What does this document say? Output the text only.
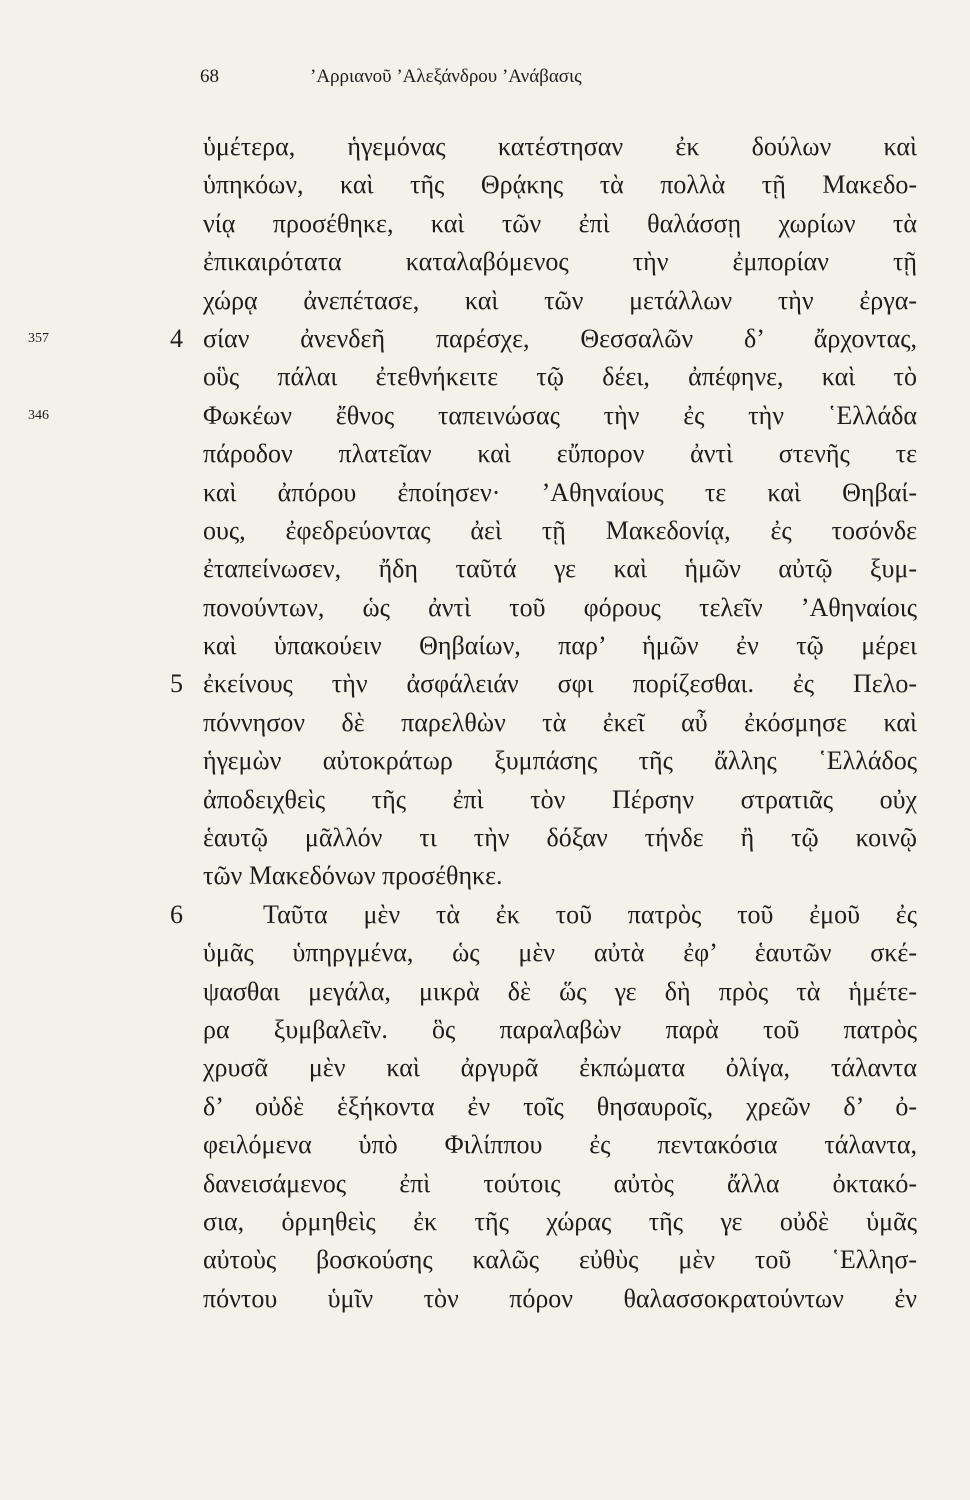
68	’Αρριανοῦ ’Αλεξάνδρου ’Ανάβασις
ὑμέτερα, ἡγεμόνας κατέστησαν ἐκ δούλων καὶ
ὑπηκόων, καὶ τῆς Θρᾴκης τὰ πολλὰ τῇ Μακεδο-
νίᾳ προσέθηκε, καὶ τῶν ἐπὶ θαλάσσῃ χωρίων τὰ
ἐπικαιρότατα καταλαβόμενος τὴν ἐμπορίαν τῇ
χώρᾳ ἀνεπέτασε, καὶ τῶν μετάλλων τὴν ἐργα-
357	4 σίαν ἀνενδεῆ παρέσχε, Θεσσαλῶν δ’ ἄρχοντας,
οὓς πάλαι ἐτεθνήκειτε τῷ δέει, ἀπέφηνε, καὶ τὸ
346	Φωκέων ἔθνος ταπεινώσας τὴν ἐς τὴν ῾Ελλάδα
πάροδον πλατεῖαν καὶ εὔπορον ἀντὶ στενῆς τε
καὶ ἀπόρου ἐποίησεν· ’Αθηναίους τε καὶ Θηβαί-
ους, ἐφεδρεύοντας ἀεὶ τῇ Μακεδονίᾳ, ἐς τοσόνδε
ἐταπείνωσεν, ἤδη ταῦτά γε καὶ ἡμῶν αὐτῷ ξυμ-
πονούντων, ὡς ἀντὶ τοῦ φόρους τελεῖν ’Αθηναίοις
καὶ ὑπακούειν Θηβαίων, παρ’ ἡμῶν ἐν τῷ μέρει
5 ἐκείνους τὴν ἀσφάλειάν σφι πορίζεσθαι. ἐς Πελο-
πόννησον δὲ παρελθὼν τὰ ἐκεῖ αὖ ἐκόσμησε καὶ
ἡγεμὼν αὐτοκράτωρ ξυμπάσης τῆς ἄλλης ῾Ελλάδος
ἀποδειχθεὶς τῆς ἐπὶ τὸν Πέρσην στρατιᾶς οὐχ
ἑαυτῷ μᾶλλόν τι τὴν δόξαν τήνδε ἢ τῷ κοινῷ
τῶν Μακεδόνων προσέθηκε.
6	Ταῦτα μὲν τὰ ἐκ τοῦ πατρὸς τοῦ ἐμοῦ ἐς
ὑμᾶς ὑπηργμένα, ὡς μὲν αὐτὰ ἐφ’ ἑαυτῶν σκέ-
ψασθαι μεγάλα, μικρὰ δὲ ὥς γε δὴ πρὸς τὰ ἡμέτε-
ρα ξυμβαλεῖν. ὃς παραλαβὼν παρὰ τοῦ πατρὸς
χρυσᾶ μὲν καὶ ἀργυρᾶ ἐκπώματα ὀλίγα, τάλαντα
δ’ οὐδὲ ἑξήκοντα ἐν τοῖς θησαυροῖς, χρεῶν δ’ ὀ-
φειλόμενα ὑπὸ Φιλίππου ἐς πεντακόσια τάλαντα,
δανεισάμενος ἐπὶ τούτοις αὐτὸς ἄλλα ὀκτακό-
σια, ὁρμηθεὶς ἐκ τῆς χώρας τῆς γε οὐδὲ ὑμᾶς
αὐτοὺς βοσκούσης καλῶς εὐθὺς μὲν τοῦ ῾Ελλησ-
πόντου ὑμῖν τὸν πόρον θαλασσοκρατούντων ἐν
